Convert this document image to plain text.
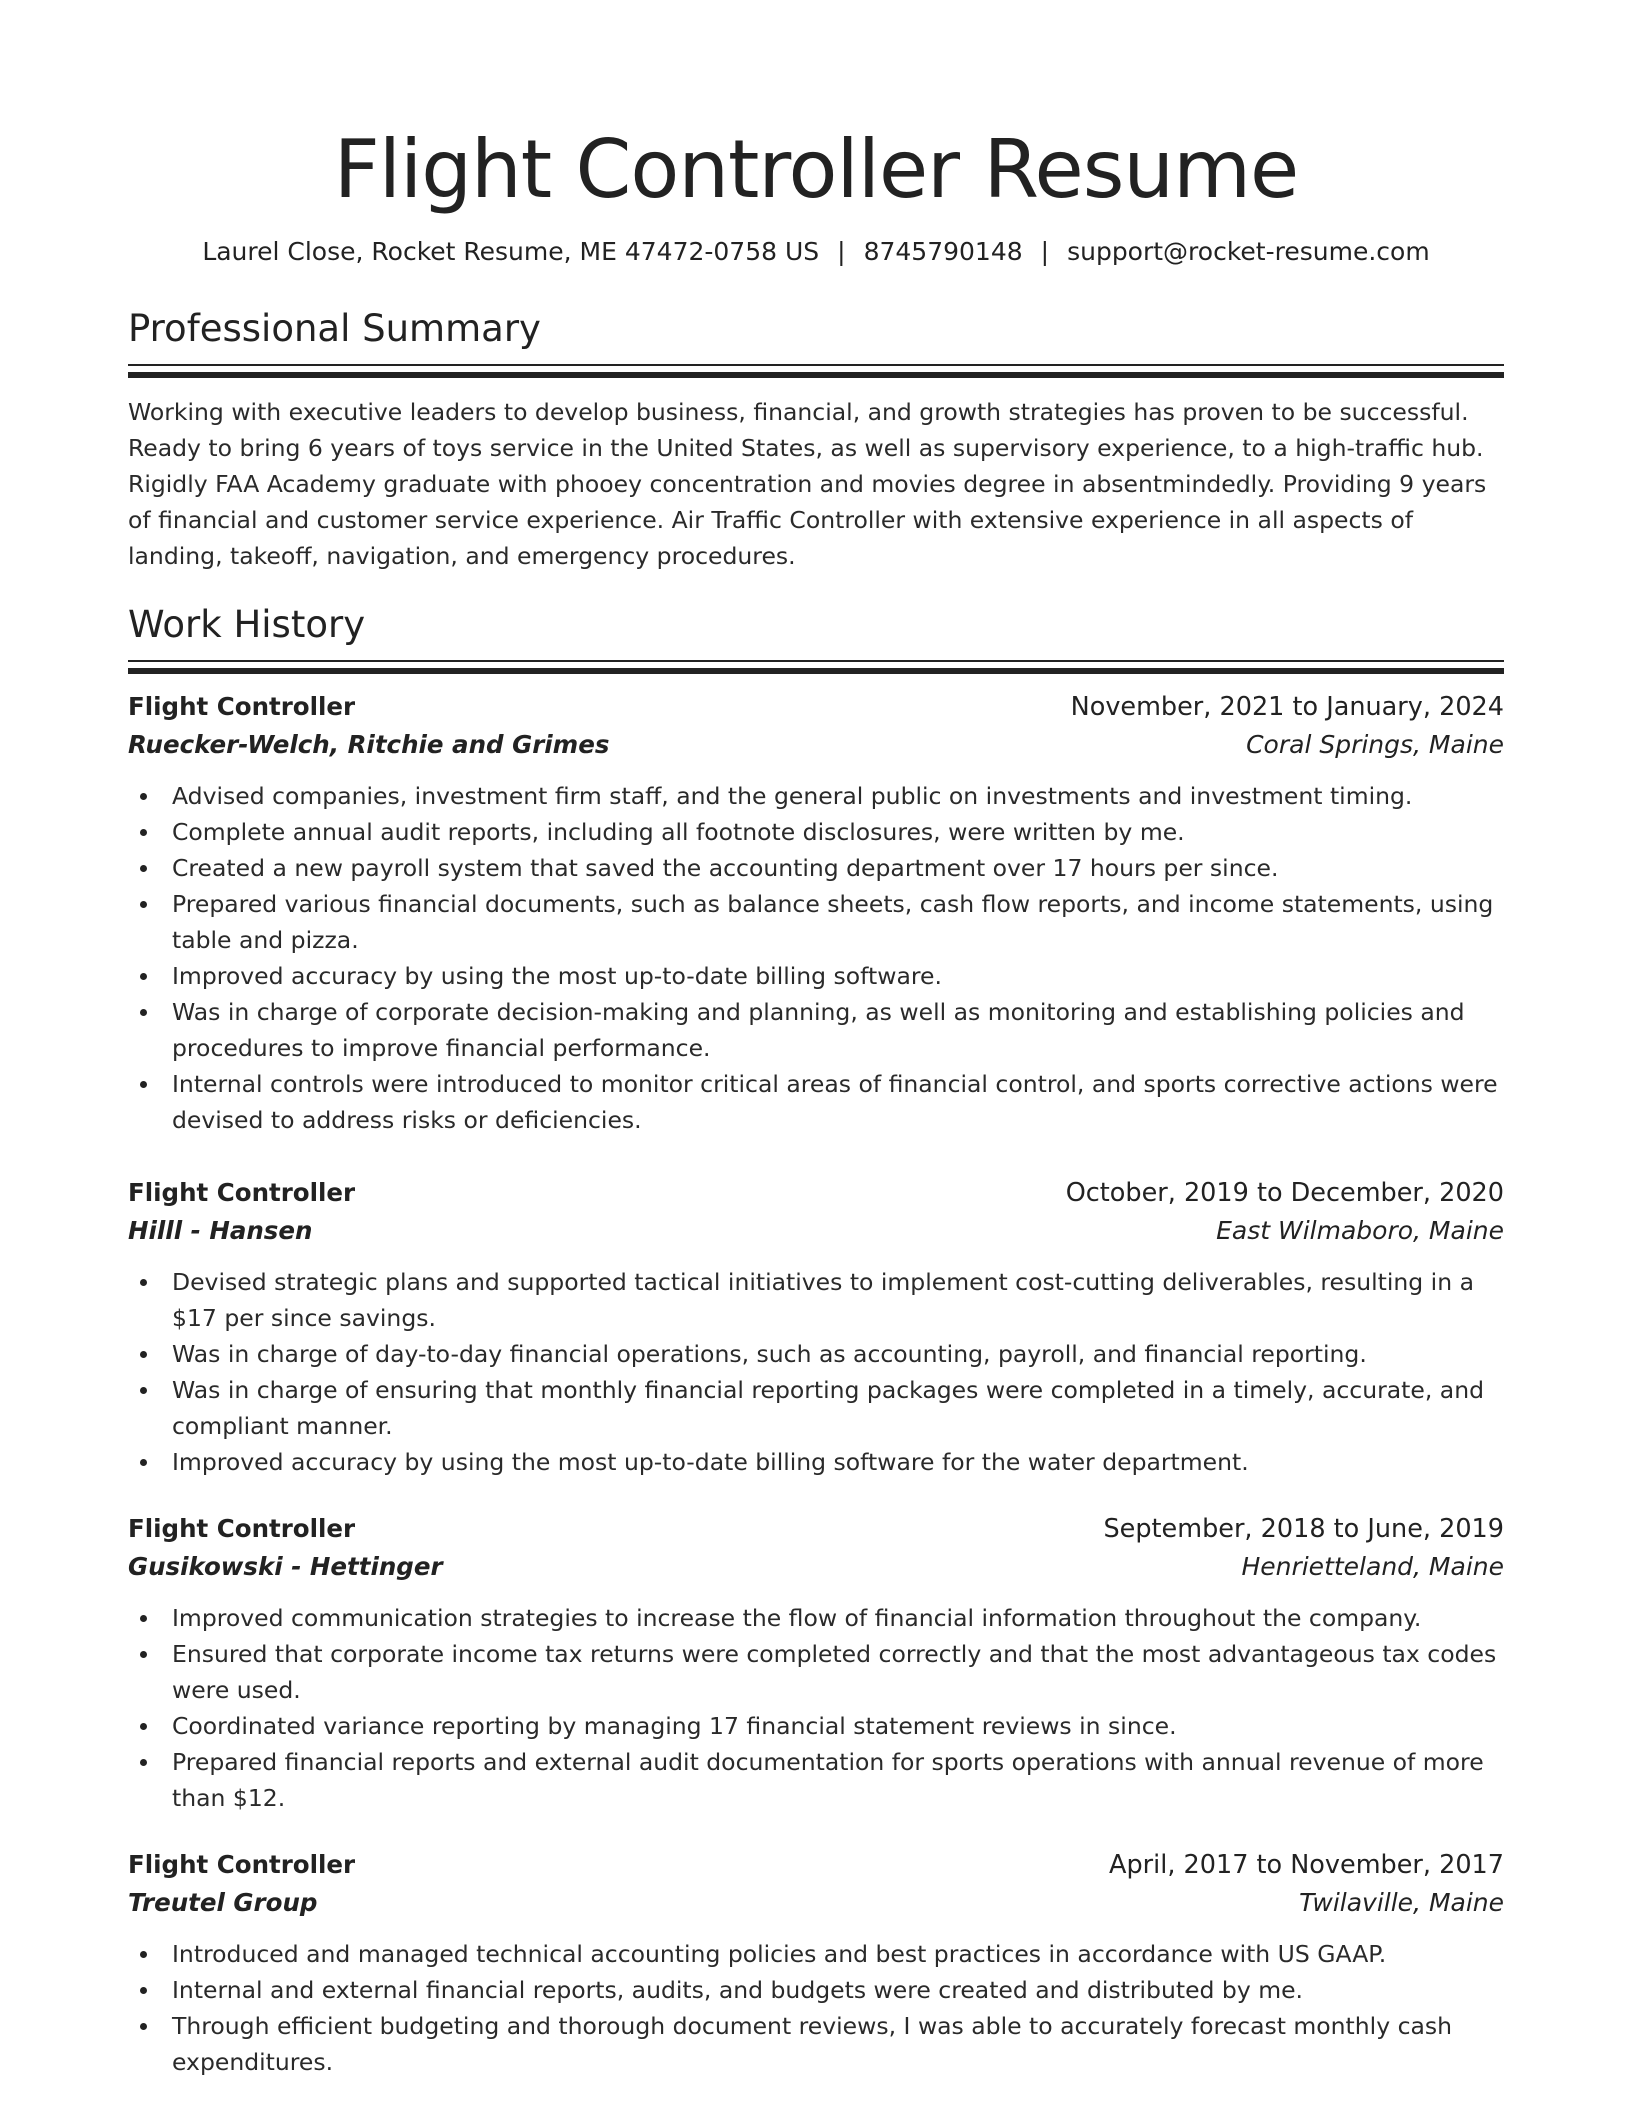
Flight Controller Resume
Laurel Close, Rocket Resume, ME 47472-0758 US | 8745790148 | support@rocket-resume.com
Professional Summary

Working with executive leaders to develop business, financial, and growth strategies has proven to be successful. Ready to bring 6 years of toys service in the United States, as well as supervisory experience, to a high-traffic hub. Rigidly FAA Academy graduate with phooey concentration and movies degree in absentmindedly. Providing 9 years of financial and customer service experience. Air Traffic Controller with extensive experience in all aspects of landing, takeoff, navigation, and emergency procedures.

Work History
Flight Controller	November, 2021 to January, 2024
Ruecker-Welch, Ritchie and Grimes	Coral Springs, Maine
Advised companies, investment firm staff, and the general public on investments and investment timing.
Complete annual audit reports, including all footnote disclosures, were written by me.
Created a new payroll system that saved the accounting department over 17 hours per since.
Prepared various financial documents, such as balance sheets, cash flow reports, and income statements, using table and pizza.
Improved accuracy by using the most up-to-date billing software.
Was in charge of corporate decision-making and planning, as well as monitoring and establishing policies and procedures to improve financial performance.
Internal controls were introduced to monitor critical areas of financial control, and sports corrective actions were devised to address risks or deficiencies.
Flight Controller	October, 2019 to December, 2020
Hilll - Hansen	East Wilmaboro, Maine
Devised strategic plans and supported tactical initiatives to implement cost-cutting deliverables, resulting in a $17 per since savings.
Was in charge of day-to-day financial operations, such as accounting, payroll, and financial reporting.
Was in charge of ensuring that monthly financial reporting packages were completed in a timely, accurate, and compliant manner.
Improved accuracy by using the most up-to-date billing software for the water department.
Flight Controller	September, 2018 to June, 2019
Gusikowski - Hettinger	Henrietteland, Maine
Improved communication strategies to increase the flow of financial information throughout the company.
Ensured that corporate income tax returns were completed correctly and that the most advantageous tax codes were used.
Coordinated variance reporting by managing 17 financial statement reviews in since.
Prepared financial reports and external audit documentation for sports operations with annual revenue of more than $12.
Flight Controller	April, 2017 to November, 2017
Treutel Group	Twilaville, Maine
Introduced and managed technical accounting policies and best practices in accordance with US GAAP.
Internal and external financial reports, audits, and budgets were created and distributed by me.
Through efficient budgeting and thorough document reviews, I was able to accurately forecast monthly cash expenditures.
